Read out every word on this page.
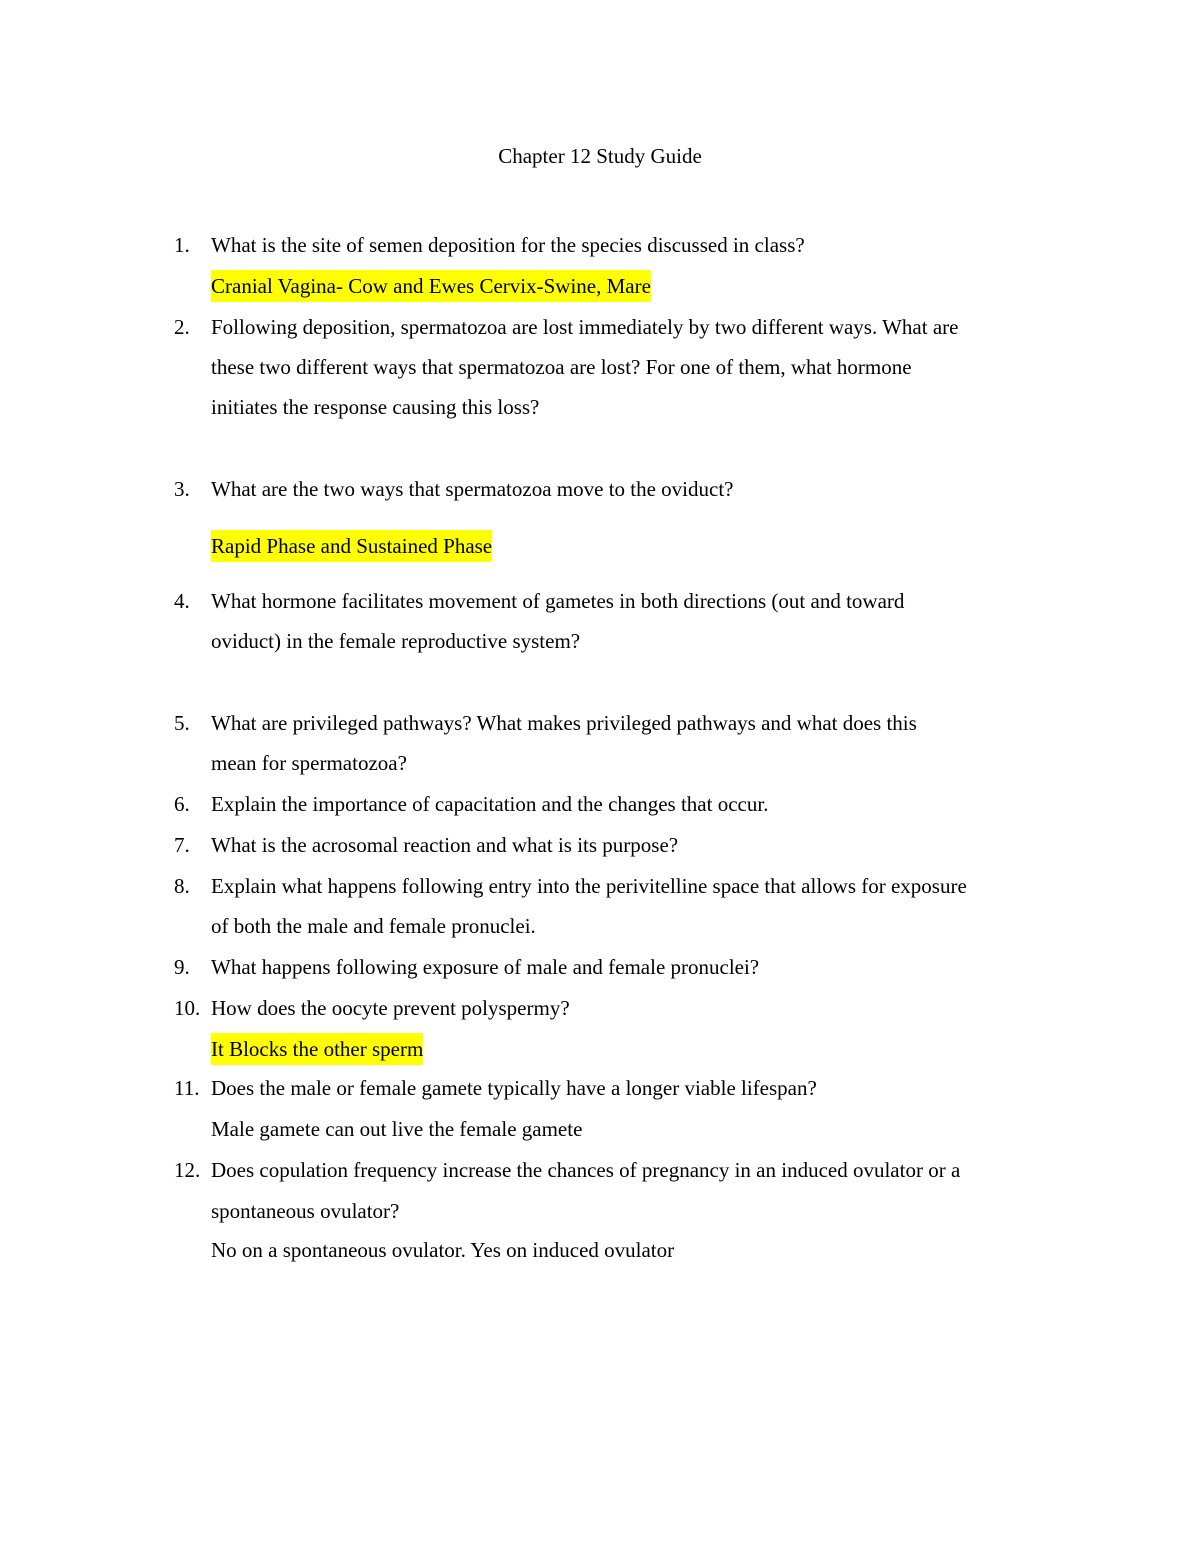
Chapter 12 Study Guide
1. What is the site of semen deposition for the species discussed in class?
Cranial Vagina- Cow and Ewes Cervix-Swine, Mare
2. Following deposition, spermatozoa are lost immediately by two different ways. What are
these two different ways that spermatozoa are lost? For one of them, what hormone
initiates the response causing this loss?
3. What are the two ways that spermatozoa move to the oviduct?
Rapid Phase and Sustained Phase
4. What hormone facilitates movement of gametes in both directions (out and toward
oviduct) in the female reproductive system?
5. What are privileged pathways? What makes privileged pathways and what does this
mean for spermatozoa?
6. Explain the importance of capacitation and the changes that occur.
7. What is the acrosomal reaction and what is its purpose?
8. Explain what happens following entry into the perivitelline space that allows for exposure
of both the male and female pronuclei.
9. What happens following exposure of male and female pronuclei?
10. How does the oocyte prevent polyspermy?
It Blocks the other sperm
11. Does the male or female gamete typically have a longer viable lifespan?
Male gamete can out live the female gamete
12. Does copulation frequency increase the chances of pregnancy in an induced ovulator or a
spontaneous ovulator?
No on a spontaneous ovulator. Yes on induced ovulator
